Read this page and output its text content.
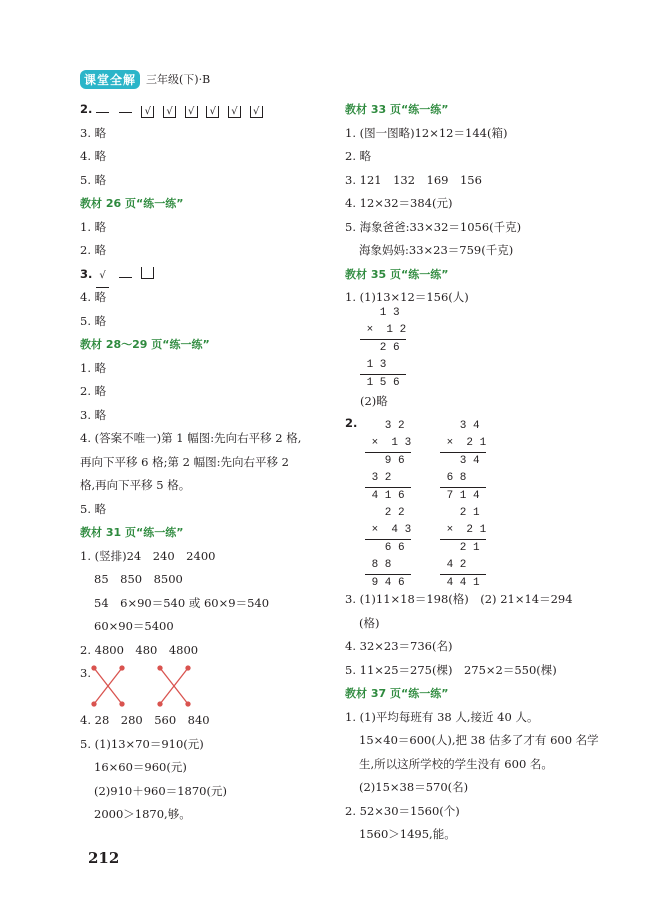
课堂全解 三年级(下)·B
2.	√ √ √ √ √ √
3. 略
4. 略
5. 略
教材 26 页“练一练”
1. 略
2. 略
3. √
4. 略
5. 略
教材 28～29 页“练一练”
1. 略
2. 略
3. 略
4. (答案不唯一)第 1 幅图:先向右平移 2 格,
再向下平移 6 格;第 2 幅图:先向右平移 2
格,再向下平移 5 格。
5. 略
教材 31 页“练一练”
1. (竖排)24　240　2400
85　850　8500
54　6×90＝540 或 60×9＝540
60×90＝5400
2. 4800　480　4800
3.
4. 28　280　560　840
5. (1)13×70＝910(元)
16×60＝960(元)
(2)910＋960＝1870(元)
2000＞1870,够。
教材 33 页“练一练”
1. (图一图略)12×12＝144(箱)
2. 略
3. 121　132　169　156
4. 12×32＝384(元)
5. 海象爸爸:33×32＝1056(千克)
海象妈妈:33×23＝759(千克)
教材 35 页“练一练”
1. (1)13×12＝156(人)
1 3
×  1 2
2 6
1 3
1 5 6
(2)略
2. 3 2
×  1 3
9 6
3 2
4 1 6
3 4
×  2 1
3 4
6 8
7 1 4
2 2
×  4 3
6 6
8 8
9 4 6
2 1
×  2 1
2 1
4 2
4 4 1
3. (1)11×18＝198(格)　(2) 21×14＝294
(格)
4. 32×23＝736(名)
5. 11×25＝275(棵)　275×2＝550(棵)
教材 37 页“练一练”
1. (1)平均每班有 38 人,接近 40 人。
15×40＝600(人),把 38 估多了才有 600 名学
生,所以这所学校的学生没有 600 名。
(2)15×38＝570(名)
2. 52×30＝1560(个)
1560＞1495,能。
212
